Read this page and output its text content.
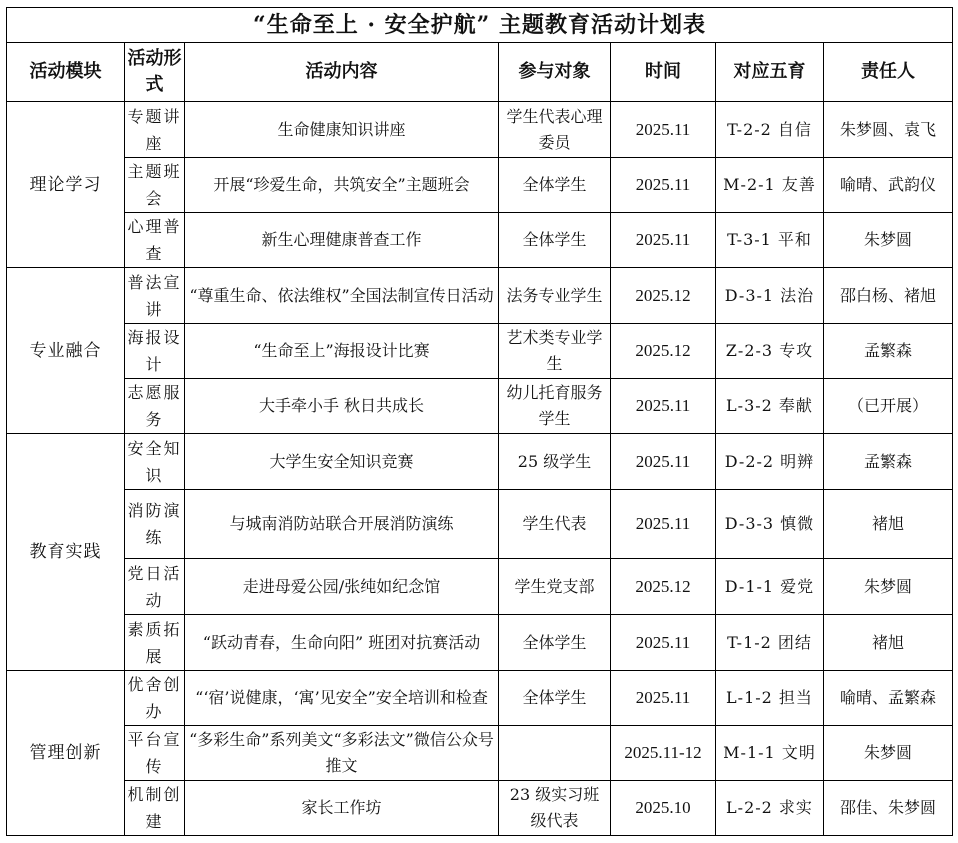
“生命至上 · 安全护航” 主题教育活动计划表						
活动模块	活动形式	活动内容	参与对象	时间	对应五育	责任人
理论学习	专题讲座	生命健康知识讲座	学生代表心理委员	2025.11	T-2-2 自信	朱梦圆、袁飞
	主题班会	开展“珍爱生命，共筑安全”主题班会	全体学生	2025.11	M-2-1 友善	喻晴、武韵仪
	心理普查	新生心理健康普查工作	全体学生	2025.11	T-3-1 平和	朱梦圆
专业融合	普法宣讲	“尊重生命、依法维权”全国法制宣传日活动	法务专业学生	2025.12	D-3-1 法治	邵白杨、褚旭
	海报设计	“生命至上”海报设计比赛	艺术类专业学生	2025.12	Z-2-3 专攻	孟繁森
	志愿服务	大手牵小手 秋日共成长	幼儿托育服务学生	2025.11	L-3-2 奉献	（已开展）
教育实践	安全知识	大学生安全知识竞赛	25 级学生	2025.11	D-2-2 明辨	孟繁森
	消防演练	与城南消防站联合开展消防演练	学生代表	2025.11	D-3-3 慎微	褚旭
	党日活动	走进母爱公园/张纯如纪念馆	学生党支部	2025.12	D-1-1 爱党	朱梦圆
	素质拓展	“跃动青春，生命向阳” 班团对抗赛活动	全体学生	2025.11	T-1-2 团结	褚旭
管理创新	优舍创办	“‘宿’说健康，‘寓’见安全”安全培训和检查	全体学生	2025.11	L-1-2 担当	喻晴、孟繁森
	平台宣传	“多彩生命”系列美文“多彩法文”微信公众号推文		2025.11-12	M-1-1 文明	朱梦圆
	机制创建	家长工作坊	23 级实习班级代表	2025.10	L-2-2 求实	邵佳、朱梦圆
